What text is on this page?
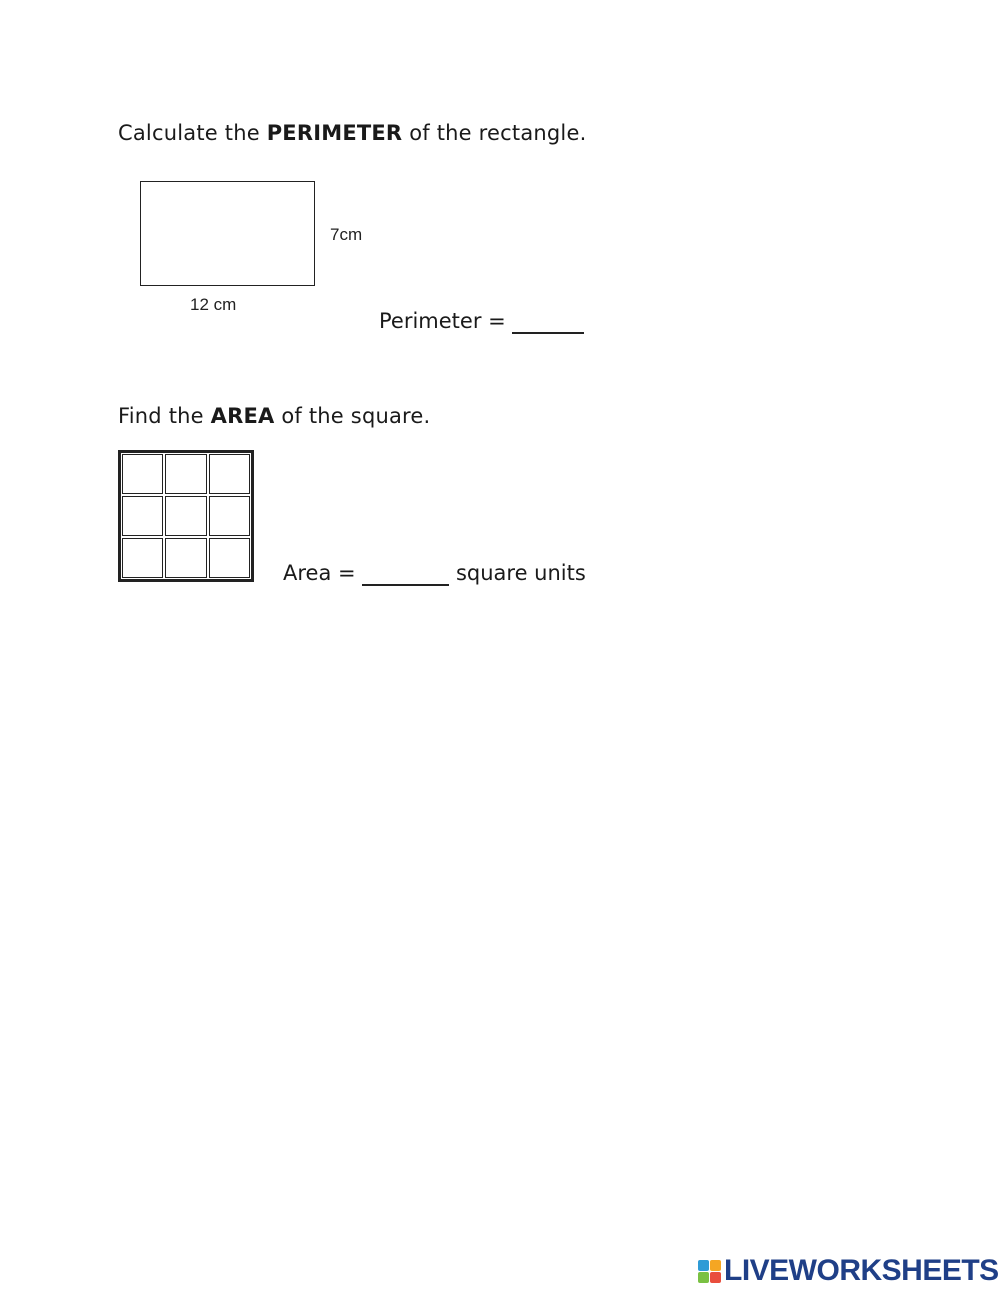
Calculate the PERIMETER of the rectangle.
7cm
12 cm
Perimeter =
Find the AREA of the square.
Area =	square units
LIVEWORKSHEETS
